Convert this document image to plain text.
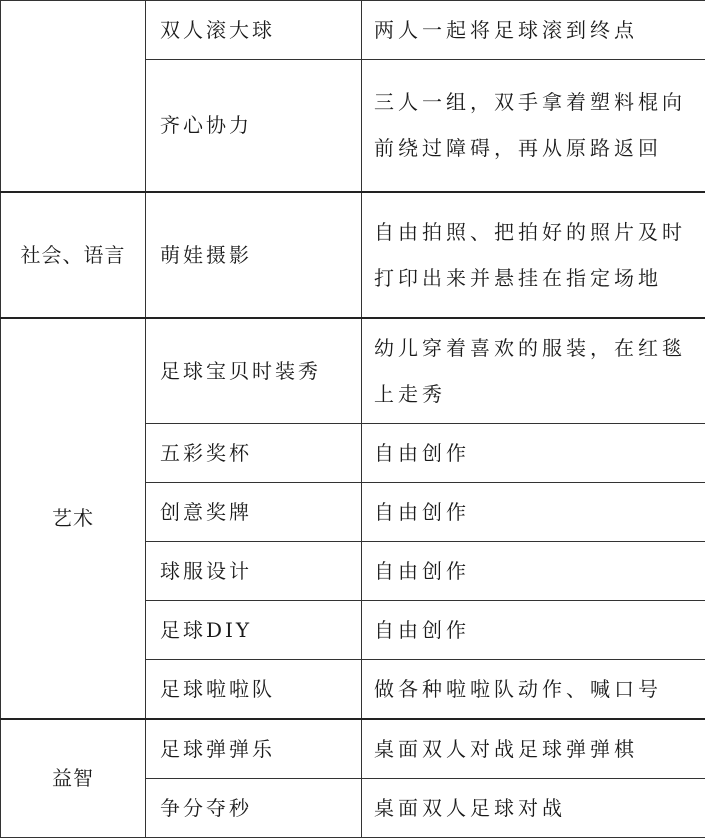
	双人滚大球	两人一起将足球滚到终点
	齐心协力	三人一组，双手拿着塑料棍向前绕过障碍，再从原路返回
社会、语言	萌娃摄影	自由拍照、把拍好的照片及时打印出来并悬挂在指定场地
艺术	足球宝贝时装秀	幼儿穿着喜欢的服装，在红毯上走秀
	五彩奖杯	自由创作
	创意奖牌	自由创作
	球服设计	自由创作
	足球DIY	自由创作
	足球啦啦队	做各种啦啦队动作、喊口号
益智	足球弹弹乐	桌面双人对战足球弹弹棋
	争分夺秒	桌面双人足球对战
